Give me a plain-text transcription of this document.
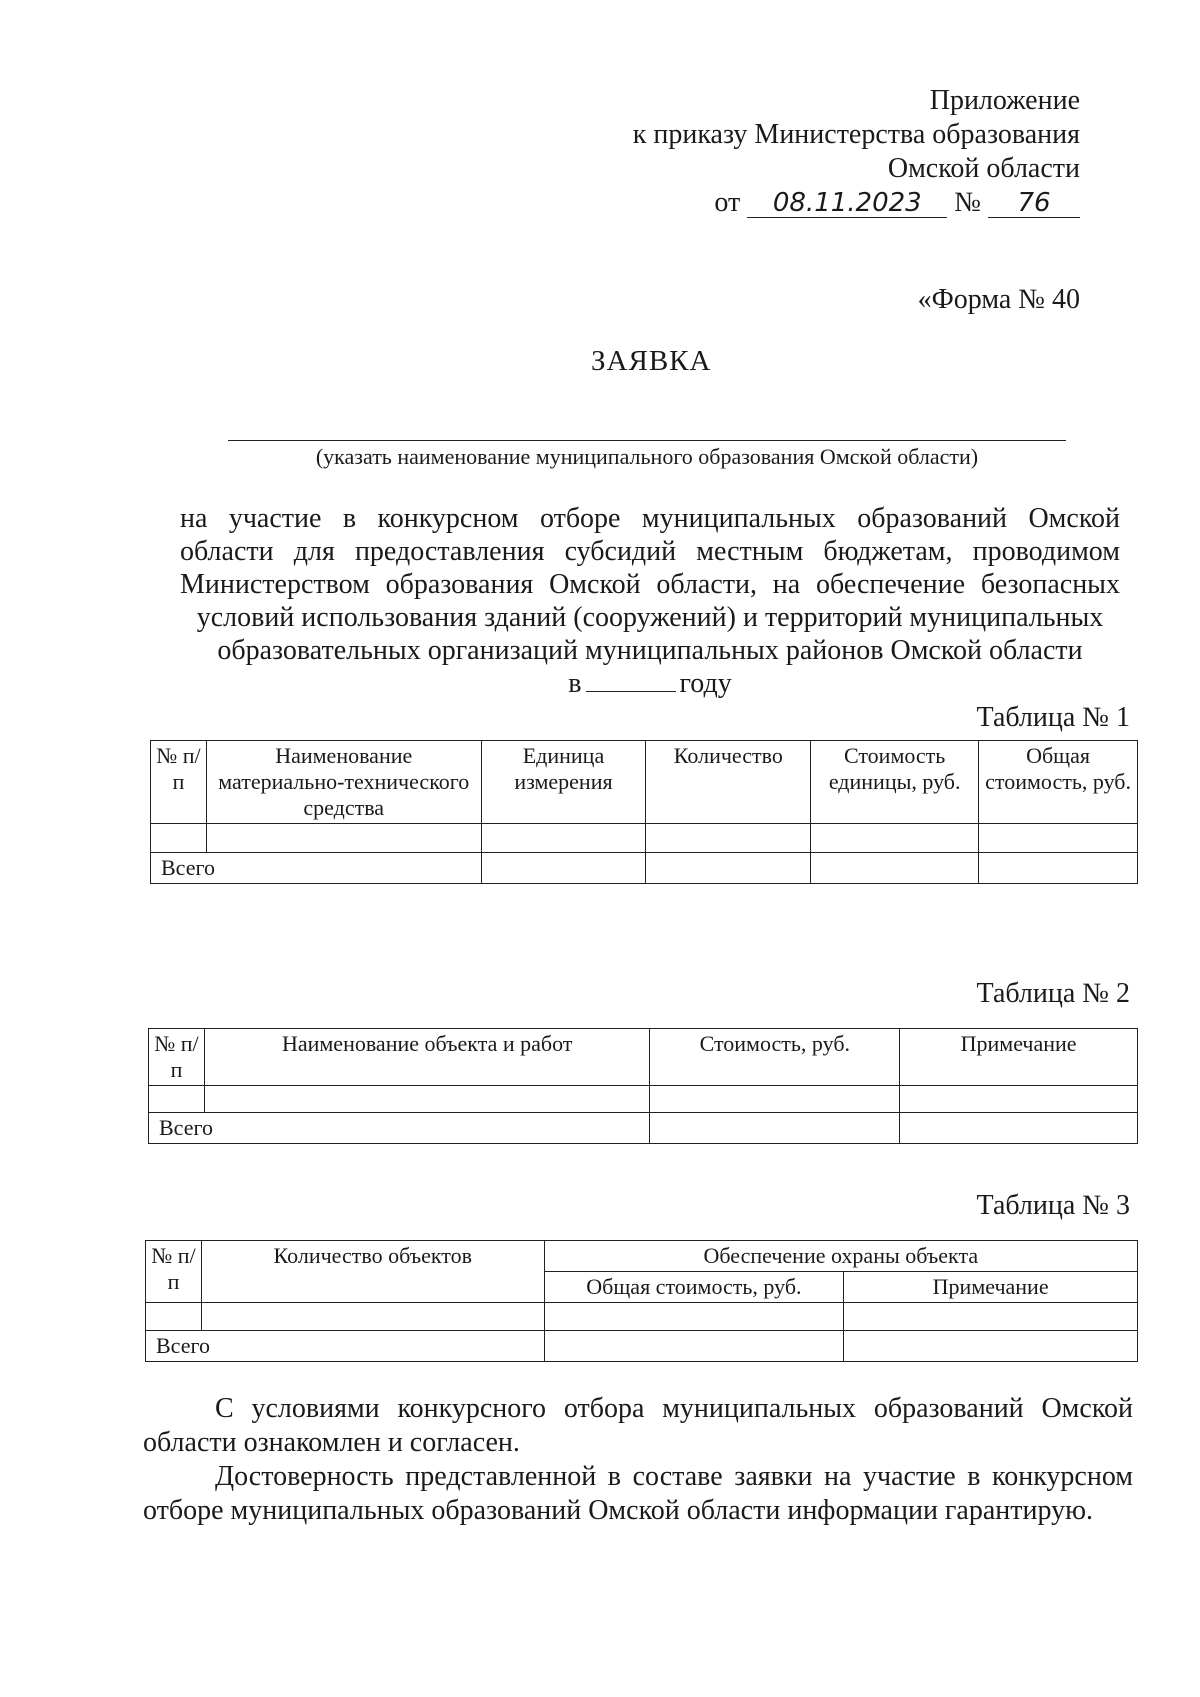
Приложение
к приказу Министерства образования
Омской области
от 08.11.2023 № 76
«Форма № 40
ЗАЯВКА
(указать наименование муниципального образования Омской области)
на участие в конкурсном отборе муниципальных образований Омской
области для предоставления субсидий местным бюджетам, проводимом
Министерством образования Омской области, на обеспечение безопасных
условий использования зданий (сооружений) и территорий муниципальных
образовательных организаций муниципальных районов Омской области
в	году
Таблица № 1
№ п/п	Наименование материально-технического средства	Единица измерения	Количество	Стоимость единицы, руб.	Общая стоимость, руб.

Всего					
Таблица № 2
№ п/п	Наименование объекта и работ	Стоимость, руб.	Примечание

Всего			
Таблица № 3
№ п/п	Количество объектов	Обеспечение охраны объекта	
		Общая стоимость, руб.	Примечание

Всего			

С условиями конкурсного отбора муниципальных образований Омской области ознакомлен и согласен.

Достоверность представленной в составе заявки на участие в конкурсном отборе муниципальных образований Омской области информации гарантирую.
